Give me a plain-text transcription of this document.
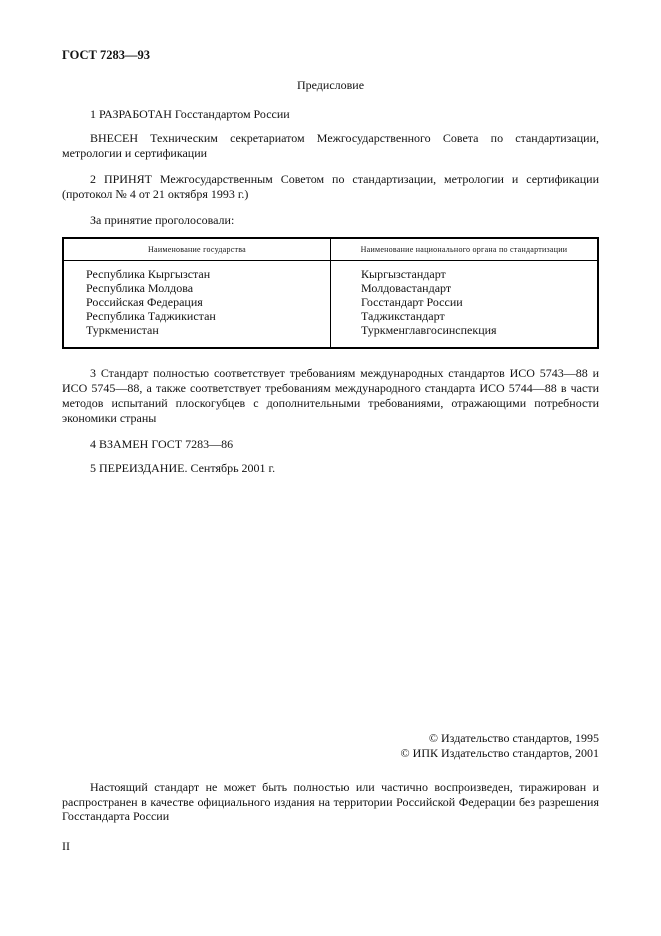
ГОСТ 7283—93
Предисловие

1 РАЗРАБОТАН Госстандартом России

ВНЕСЕН Техническим секретариатом Межгосударственного Совета по стандартизации, метрологии и сертификации

2 ПРИНЯТ Межгосударственным Советом по стандартизации, метрологии и сертификации (протокол № 4 от 21 октября 1993 г.)

За принятие проголосовали:

Наименование государства	Наименование национального органа по стандартизации
Республика Кыргызстан	Кыргызстандарт
Республика Молдова	Молдовастандарт
Российская Федерация	Госстандарт России
Республика Таджикистан	Таджикстандарт
Туркменистан	Туркменглавгосинспекция

3 Стандарт полностью соответствует требованиям международных стандартов ИСО 5743—88 и ИСО 5745—88, а также соответствует требованиям международного стандарта ИСО 5744—88 в части методов испытаний плоскогубцев с дополнительными требованиями, отражающими потребности экономики страны

4 ВЗАМЕН ГОСТ 7283—86

5 ПЕРЕИЗДАНИЕ. Сентябрь 2001 г.

© Издательство стандартов, 1995
© ИПК Издательство стандартов, 2001
Настоящий стандарт не может быть полностью или частично воспроизведен, тиражирован и распространен в качестве официального издания на территории Российской Федерации без разрешения Госстандарта России
II
